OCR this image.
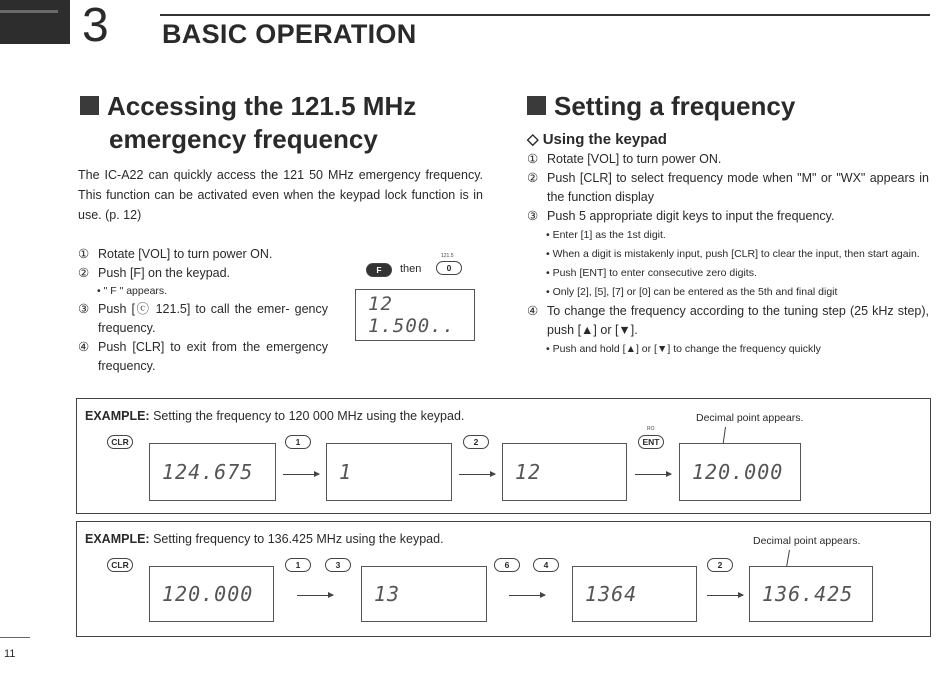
3 BASIC OPERATION
Accessing the 121.5 MHz
emergency frequency
The IC-A22 can quickly access the 121 50 MHz emergency frequency. This function can be activated even when the keypad lock function is in use. (p. 12)
① Rotate [VOL] to turn power ON.
② Push [F] on the keypad.
• " F " appears.
③ Push [ⓒ 121.5] to call the emer- gency frequency.
④ Push [CLR] to exit from the emergency frequency.
F	then
121.5
0
12 1.500..
Setting a frequency
◇ Using the keypad
① Rotate [VOL] to turn power ON.
② Push [CLR] to select frequency mode when "M" or "WX" appears in the function display
③ Push 5 appropriate digit keys to input the frequency.
• Enter [1] as the 1st digit.
• When a digit is mistakenly input, push [CLR] to clear the input, then start again.
• Push [ENT] to enter consecutive zero digits.
• Only [2], [5], [7] or [0] can be entered as the 5th and final digit
④ To change the frequency according to the tuning step (25 kHz step), push [▲] or [▼].
• Push and hold [▲] or [▼] to change the frequency quickly
EXAMPLE: Setting the frequency to 120 000 MHz using the keypad.	Decimal point appears.
CLR
124.675
1
1
2
12
RO
ENT
120.000
EXAMPLE: Setting frequency to 136.425 MHz using the keypad.	Decimal point appears.
CLR
120.000
1	3
13
6	4
1364
2
136.425
11
